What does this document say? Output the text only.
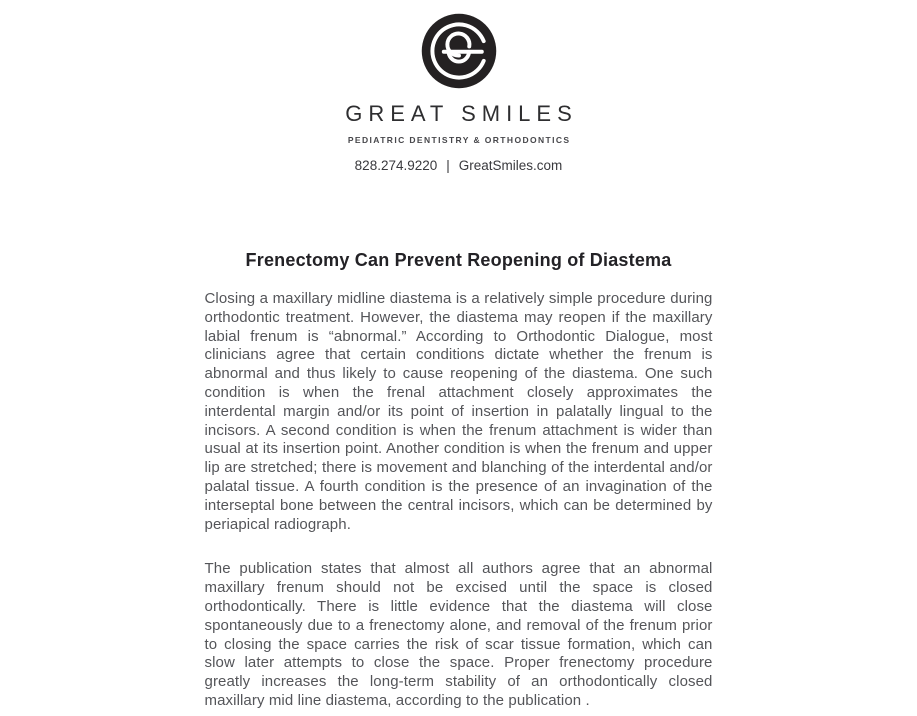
GREAT SMILES
PEDIATRIC DENTISTRY & ORTHODONTICS
828.274.9220 | GreatSmiles.com
Frenectomy Can Prevent Reopening of Diastema

Closing a maxillary midline diastema is a relatively simple procedure during orthodontic treatment. However, the diastema may reopen if the maxillary labial frenum is “abnormal.” According to Orthodontic Dialogue, most clinicians agree that certain conditions dictate whether the frenum is abnormal and thus likely to cause reopening of the diastema. One such condition is when the frenal attachment closely approximates the interdental margin and/or its point of insertion in palatally lingual to the incisors. A second condition is when the frenum attachment is wider than usual at its insertion point. Another condition is when the frenum and upper lip are stretched; there is movement and blanching of the interdental and/or palatal tissue. A fourth condition is the presence of an invagination of the interseptal bone between the central incisors, which can be determined by periapical radiograph.

The publication states that almost all authors agree that an abnormal maxillary frenum should not be excised until the space is closed orthodontically. There is little evidence that the diastema will close spontaneously due to a frenectomy alone, and removal of the frenum prior to closing the space carries the risk of scar tissue formation, which can slow later attempts to close the space. Proper frenectomy procedure greatly increases the long-term stability of an orthodontically closed maxillary mid line diastema, according to the publication .
